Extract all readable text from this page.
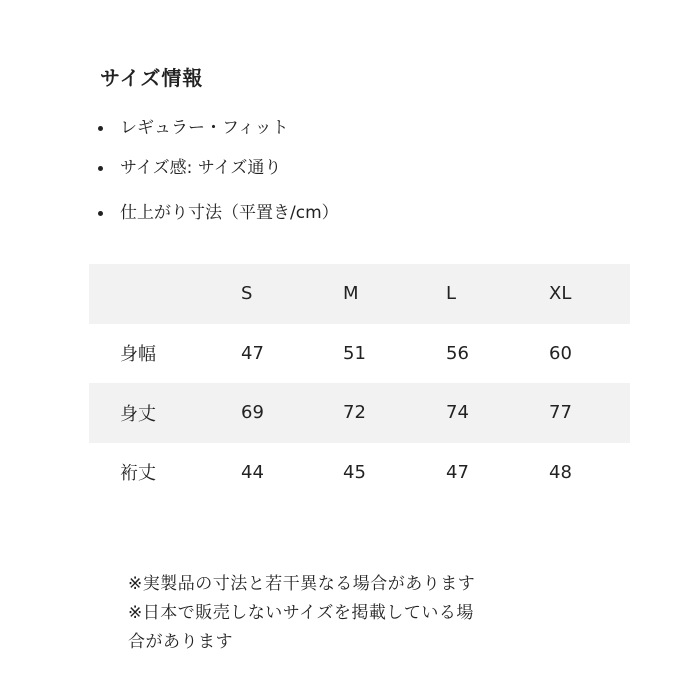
サイズ情報
レギュラー・フィット
サイズ感: サイズ通り
仕上がり寸法（平置き/cm）
	S	M	L	XL
身幅	47	51	56	60
身丈	69	72	74	77
裄丈	44	45	47	48
※実製品の寸法と若干異なる場合があります
※日本で販売しないサイズを掲載している場
合があります
